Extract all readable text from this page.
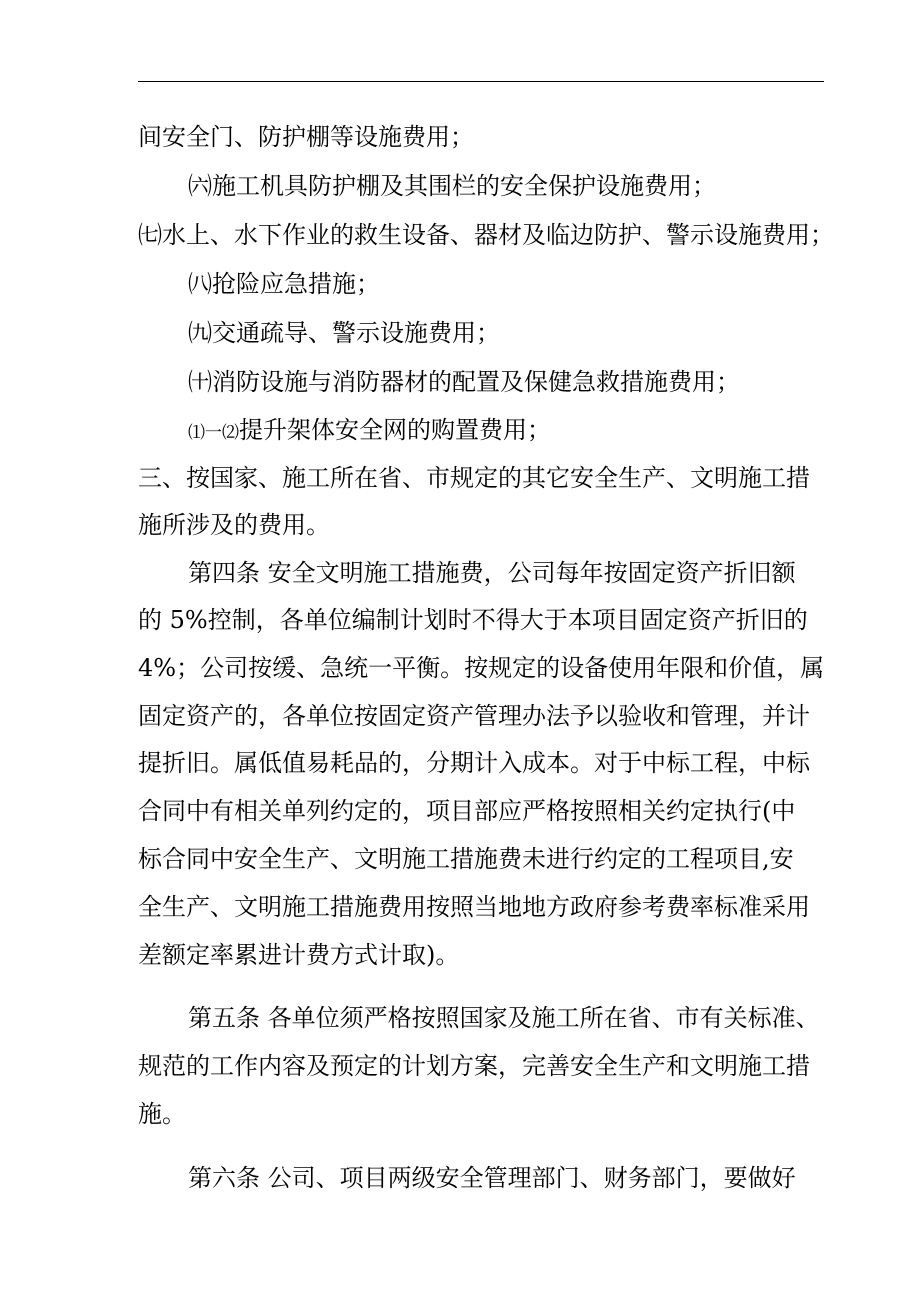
间安全门、防护棚等设施费用；
㈥施工机具防护棚及其围栏的安全保护设施费用；
㈦水上、水下作业的救生设备、器材及临边防护、警示设施费用；
㈧抢险应急措施；
㈨交通疏导、警示设施费用；
㈩消防设施与消防器材的配置及保健急救措施费用；
⑴一⑵提升架体安全网的购置费用；
三、按国家、施工所在省、市规定的其它安全生产、文明施工措
施所涉及的费用。
第四条 安全文明施工措施费，公司每年按固定资产折旧额
的 5%控制，各单位编制计划时不得大于本项目固定资产折旧的
4%；公司按缓、急统一平衡。按规定的设备使用年限和价值，属
固定资产的，各单位按固定资产管理办法予以验收和管理，并计
提折旧。属低值易耗品的，分期计入成本。对于中标工程，中标
合同中有相关单列约定的，项目部应严格按照相关约定执行(中
标合同中安全生产、文明施工措施费未进行约定的工程项目,安
全生产、文明施工措施费用按照当地地方政府参考费率标准采用
差额定率累进计费方式计取)。
第五条 各单位须严格按照国家及施工所在省、市有关标准、
规范的工作内容及预定的计划方案，完善安全生产和文明施工措
施。
第六条 公司、项目两级安全管理部门、财务部门，要做好
